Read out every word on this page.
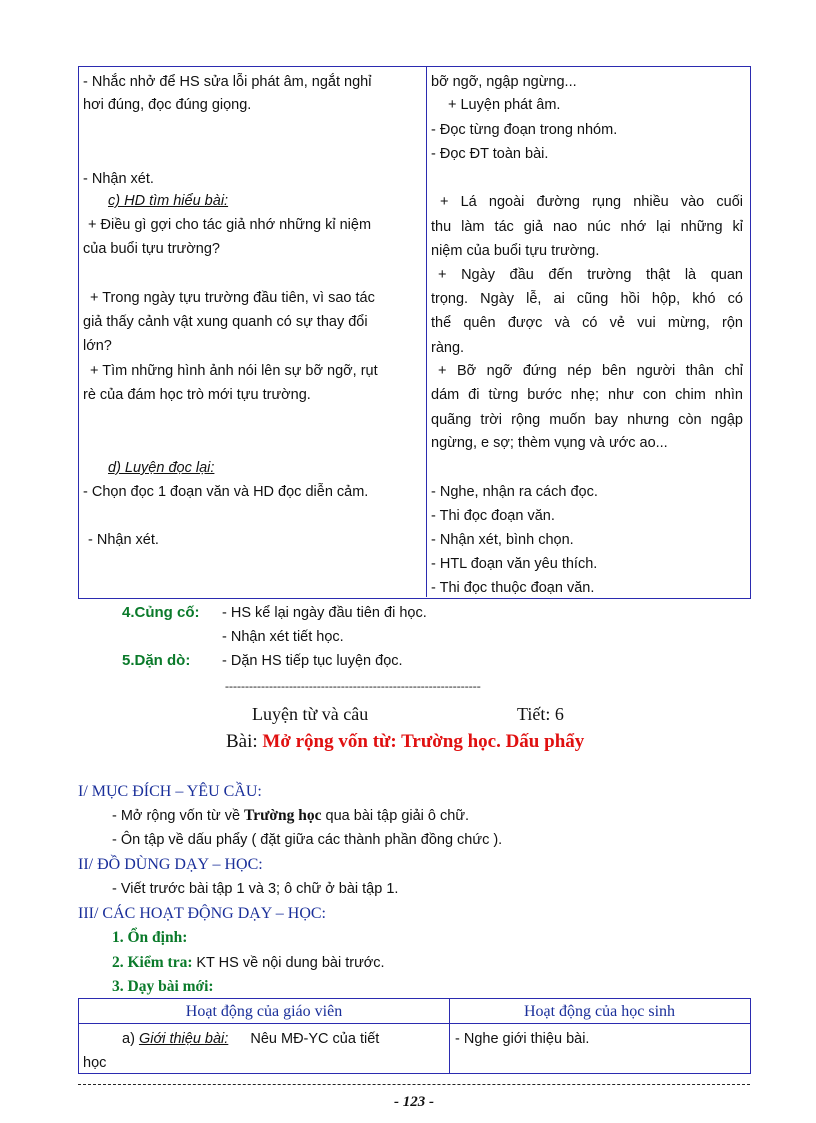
- Nhắc nhở để HS sửa lỗi phát âm, ngắt nghỉ
hơi đúng, đọc đúng giọng.
- Nhận xét.
c) HD tìm hiểu bài:
+ Điều gì gợi cho tác giả nhớ những kỉ niệm
của buổi tựu trường?
+ Trong ngày tựu trường đầu tiên, vì sao tác
giả thấy cảnh vật xung quanh có sự thay đổi
lớn?
+ Tìm những hình ảnh nói lên sự bỡ ngỡ, rụt
rè của đám học trò mới tựu trường.
d) Luyện đọc lại:
- Chọn đọc 1 đoạn văn và HD đọc diễn cảm.
- Nhận xét.
bỡ ngỡ, ngập ngừng...
+ Luyện phát âm.
- Đọc từng đoạn trong nhóm.
- Đọc ĐT toàn bài.
+ Lá ngoài đường rụng nhiều vào cuối
thu làm tác giả nao núc nhớ lại những kỉ
niệm của buổi tựu trường.
+ Ngày đầu đến trường thật là quan
trọng. Ngày lễ, ai cũng hồi hộp, khó có
thể quên được và có vẻ vui mừng, rộn
ràng.
+ Bỡ ngỡ đứng nép bên người thân chỉ
dám đi từng bước nhẹ; như con chim nhìn
quãng trời rộng muốn bay nhưng còn ngập
ngừng, e sợ; thèm vụng và ước ao...
- Nghe, nhận ra cách đọc.
- Thi đọc đoạn văn.
- Nhận xét, bình chọn.
- HTL đoạn văn yêu thích.
- Thi đọc thuộc đoạn văn.
4.Củng cố: - HS kể lại ngày đầu tiên đi học.
- Nhận xét tiết học.
5.Dặn dò: - Dặn HS tiếp tục luyện đọc.
----------------------------------------------------------------
Luyện từ và câu	Tiết: 6
Bài: Mở rộng vốn từ: Trường học. Dấu phẩy
I/ MỤC ĐÍCH – YÊU CẦU:
- Mở rộng vốn từ về Trường học qua bài tập giải ô chữ.
- Ôn tập về dấu phẩy ( đặt giữa các thành phần đồng chức ).
II/ ĐỒ DÙNG DẠY – HỌC:
- Viết trước bài tập 1 và 3; ô chữ ở bài tập 1.
III/ CÁC HOẠT ĐỘNG DẠY – HỌC:
1. Ổn định:
2. Kiểm tra: KT HS về nội dung bài trước.
3. Dạy bài mới:
Hoạt động của giáo viên	Hoạt động của học sinh
a) Giới thiệu bài: Nêu MĐ-YC của tiết
học
- Nghe giới thiệu bài.
- 123 -
